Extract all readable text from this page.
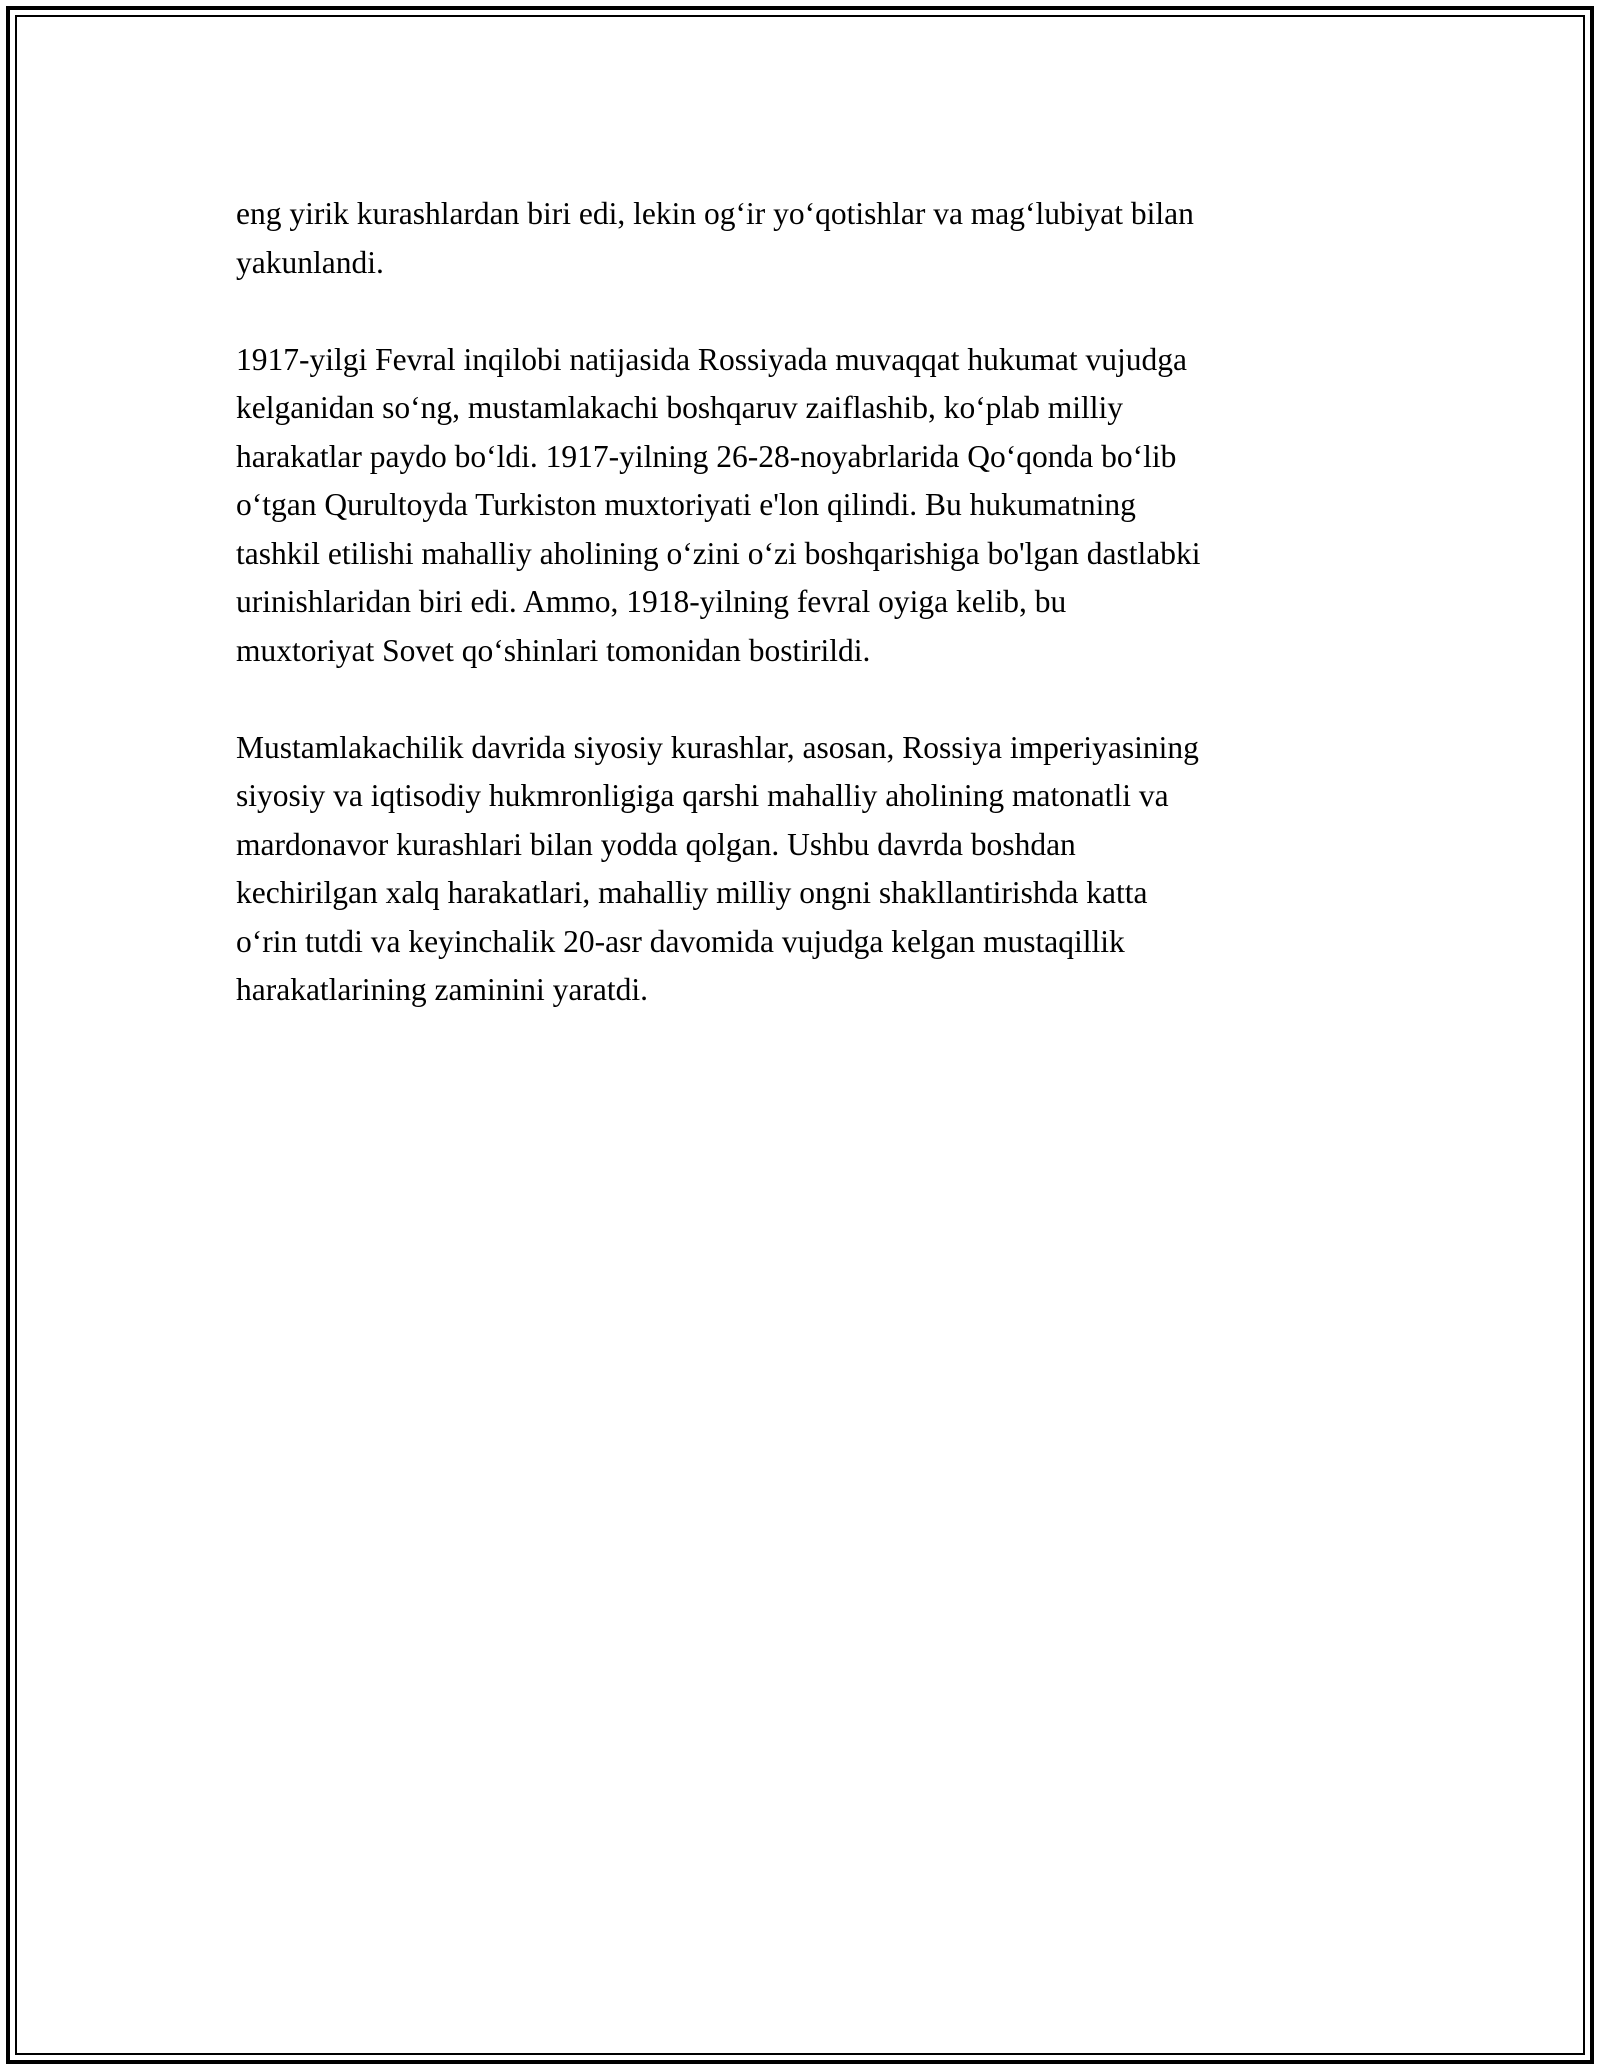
eng yirik kurashlardan biri edi, lekin og‘ir yo‘qotishlar va mag‘lubiyat bilan
yakunlandi.

1917-yilgi Fevral inqilobi natijasida Rossiyada muvaqqat hukumat vujudga
kelganidan so‘ng, mustamlakachi boshqaruv zaiflashib, ko‘plab milliy
harakatlar paydo bo‘ldi. 1917-yilning 26-28-noyabrlarida Qo‘qonda bo‘lib
o‘tgan Qurultoyda Turkiston muxtoriyati e'lon qilindi. Bu hukumatning
tashkil etilishi mahalliy aholining o‘zini o‘zi boshqarishiga bo'lgan dastlabki
urinishlaridan biri edi. Ammo, 1918-yilning fevral oyiga kelib, bu
muxtoriyat Sovet qo‘shinlari tomonidan bostirildi.

Mustamlakachilik davrida siyosiy kurashlar, asosan, Rossiya imperiyasining
siyosiy va iqtisodiy hukmronligiga qarshi mahalliy aholining matonatli va
mardonavor kurashlari bilan yodda qolgan. Ushbu davrda boshdan
kechirilgan xalq harakatlari, mahalliy milliy ongni shakllantirishda katta
o‘rin tutdi va keyinchalik 20-asr davomida vujudga kelgan mustaqillik
harakatlarining zaminini yaratdi.
